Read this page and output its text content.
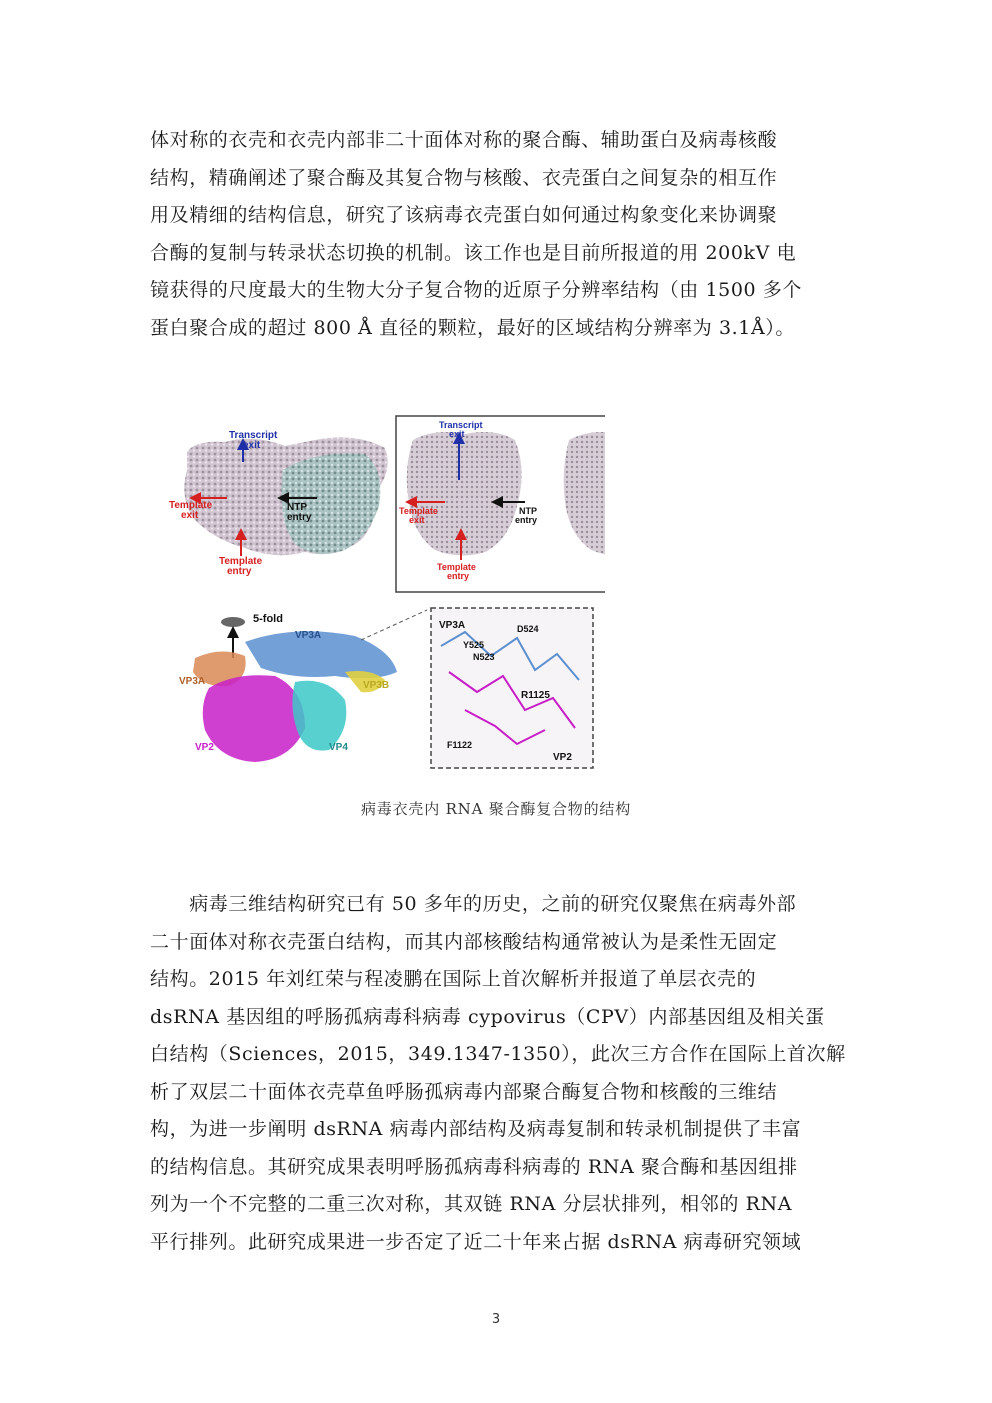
体对称的衣壳和衣壳内部非二十面体对称的聚合酶、辅助蛋白及病毒核酸
结构，精确阐述了聚合酶及其复合物与核酸、衣壳蛋白之间复杂的相互作
用及精细的结构信息，研究了该病毒衣壳蛋白如何通过构象变化来协调聚
合酶的复制与转录状态切换的机制。该工作也是目前所报道的用 200kV 电
镜获得的尺度最大的生物大分子复合物的近原子分辨率结构（由 1500 多个
蛋白聚合成的超过 800 Å 直径的颗粒，最好的区域结构分辨率为 3.1Å）。
Transcript
exit
Template
exit
NTP
entry
Template
entry
Transcript
exit
Template
exit
NTP
entry
Template
entry
5-fold
VP3A
VP3A	VP3B
VP2	VP4
VP3A	D524
Y525
N523
R1125
F1122
VP2
病毒衣壳内 RNA 聚合酶复合物的结构
　　病毒三维结构研究已有 50 多年的历史，之前的研究仅聚焦在病毒外部
二十面体对称衣壳蛋白结构，而其内部核酸结构通常被认为是柔性无固定
结构。2015 年刘红荣与程凌鹏在国际上首次解析并报道了单层衣壳的
dsRNA 基因组的呼肠孤病毒科病毒 cypovirus（CPV）内部基因组及相关蛋
白结构（Sciences，2015，349.1347-1350），此次三方合作在国际上首次解
析了双层二十面体衣壳草鱼呼肠孤病毒内部聚合酶复合物和核酸的三维结
构，为进一步阐明 dsRNA 病毒内部结构及病毒复制和转录机制提供了丰富
的结构信息。其研究成果表明呼肠孤病毒科病毒的 RNA 聚合酶和基因组排
列为一个不完整的二重三次对称，其双链 RNA 分层状排列，相邻的 RNA
平行排列。此研究成果进一步否定了近二十年来占据 dsRNA 病毒研究领域
3
